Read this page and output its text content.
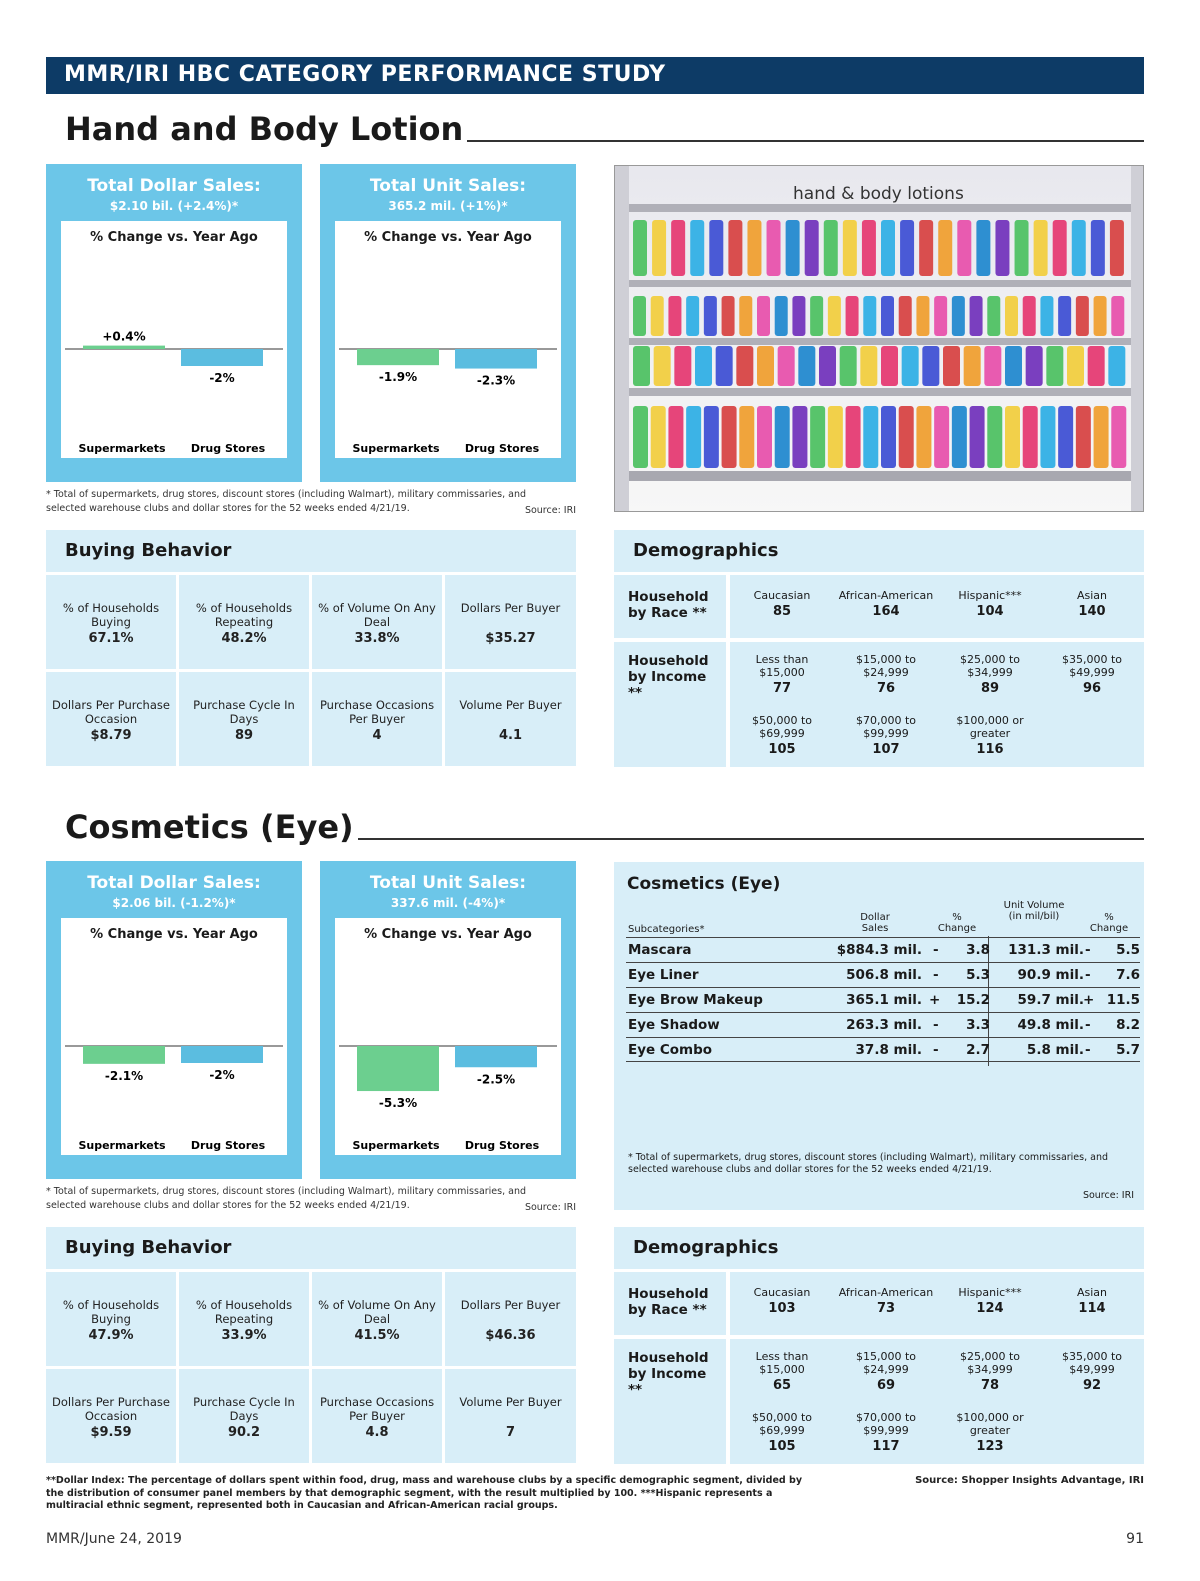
MMR/IRI HBC CATEGORY PERFORMANCE STUDY
Hand and Body Lotion
Total Dollar Sales:
$2.10 bil. (+2.4%)*
% Change vs. Year Ago
+0.4%
Supermarkets
-2%
Drug Stores
Total Unit Sales:
365.2 mil. (+1%)*
% Change vs. Year Ago
-1.9%
Supermarkets
-2.3%
Drug Stores
* Total of supermarkets, drug stores, discount stores (including Walmart), military commissaries, and selected warehouse clubs and dollar stores for the 52 weeks ended 4/21/19.	Source: IRI
hand & body lotions
Buying Behavior
% of Households Buying
67.1%
% of Households Repeating
48.2%
% of Volume On Any Deal
33.8%
Dollars Per Buyer
$35.27
Dollars Per Purchase Occasion
$8.79
Purchase Cycle In Days
89
Purchase Occasions Per Buyer
4
Volume Per Buyer
4.1
Demographics
Household by Race **
Caucasian
85
African-American
164
Hispanic***
104
Asian
140
Household by Income **
Less than $15,000
77
$15,000 to $24,999
76
$25,000 to $34,999
89
$35,000 to $49,999
96
$50,000 to $69,999
105
$70,000 to $99,999
107
$100,000 or greater
116
Cosmetics (Eye)
Total Dollar Sales:
$2.06 bil. (-1.2%)*
% Change vs. Year Ago
-2.1%
Supermarkets
-2%
Drug Stores
Total Unit Sales:
337.6 mil. (-4%)*
% Change vs. Year Ago
-5.3%
Supermarkets
-2.5%
Drug Stores
* Total of supermarkets, drug stores, discount stores (including Walmart), military commissaries, and selected warehouse clubs and dollar stores for the 52 weeks ended 4/21/19.	Source: IRI
Cosmetics (Eye)
Subcategories*
Dollar Sales
% Change
Unit Volume (in mil/bil)	% Change
Mascara	$884.3 mil. - 3.8 131.3 mil. - 5.5
Eye Liner	506.8 mil. - 5.3 90.9 mil. - 7.6
Eye Brow Makeup	365.1 mil. + 15.2 59.7 mil. + 11.5
Eye Shadow	263.3 mil. - 3.3 49.8 mil. - 8.2
Eye Combo	37.8 mil. - 2.7	5.8 mil. - 5.7
* Total of supermarkets, drug stores, discount stores (including Walmart), military commissaries, and selected warehouse clubs and dollar stores for the 52 weeks ended 4/21/19.
Source: IRI
Buying Behavior
% of Households Buying
47.9%
% of Households Repeating
33.9%
% of Volume On Any Deal
41.5%
Dollars Per Buyer
$46.36
Dollars Per Purchase Occasion
$9.59
Purchase Cycle In Days
90.2
Purchase Occasions Per Buyer
4.8
Volume Per Buyer
7
Demographics
Household by Race **
Caucasian
103
African-American
73
Hispanic***
124
Asian
114
Household by Income **
Less than $15,000
65
$15,000 to $24,999
69
$25,000 to $34,999
78
$35,000 to $49,999
92
$50,000 to $69,999
105
$70,000 to $99,999
117
$100,000 or greater
123
**Dollar Index: The percentage of dollars spent within food, drug, mass and warehouse clubs by a specific demographic segment, divided by the distribution of consumer panel members by that demographic segment, with the result multiplied by 100. ***Hispanic represents a multiracial ethnic segment, represented both in Caucasian and African-American racial groups.
Source: Shopper Insights Advantage, IRI
MMR/June 24, 2019	91
